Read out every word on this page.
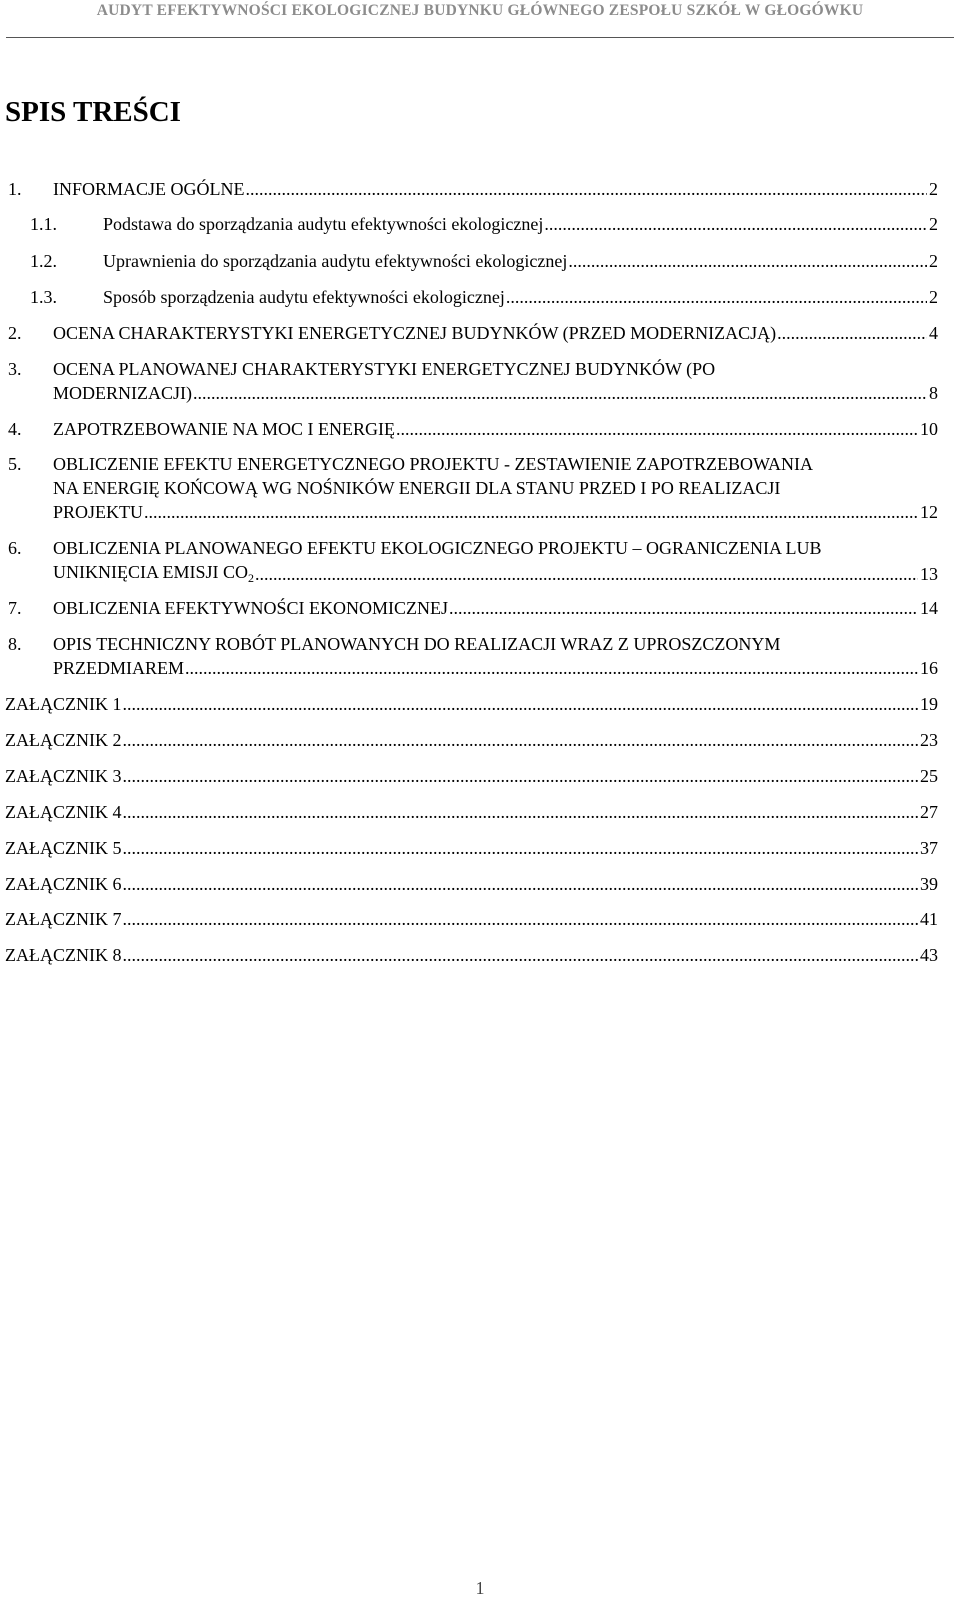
AUDYT EFEKTYWNOŚCI EKOLOGICZNEJ BUDYNKU GŁÓWNEGO ZESPOŁU SZKÓŁ W GŁOGÓWKU
SPIS TREŚCI
1. INFORMACJE OGÓLNE .....	2
1.1.	Podstawa do sporządzania audytu efektywności ekologicznej .....	2
1.2.	Uprawnienia do sporządzania audytu efektywności ekologicznej .....	2
1.3.	Sposób sporządzenia audytu efektywności ekologicznej .....	2
2. OCENA CHARAKTERYSTYKI ENERGETYCZNEJ BUDYNKÓW (PRZED MODERNIZACJĄ) .....	4
3. OCENA PLANOWANEJ CHARAKTERYSTYKI ENERGETYCZNEJ BUDYNKÓW (PO
MODERNIZACJI) .....	8
4. ZAPOTRZEBOWANIE NA MOC I ENERGIĘ .....	10
5. OBLICZENIE EFEKTU ENERGETYCZNEGO PROJEKTU - ZESTAWIENIE ZAPOTRZEBOWANIA
NA ENERGIĘ KOŃCOWĄ WG NOŚNIKÓW ENERGII DLA STANU PRZED I PO REALIZACJI
PROJEKTU .....	12
6. OBLICZENIA PLANOWANEGO EFEKTU EKOLOGICZNEGO PROJEKTU – OGRANICZENIA LUB
UNIKNIĘCIA EMISJI $CO_2$ .....	13
7. OBLICZENIA EFEKTYWNOŚCI EKONOMICZNEJ .....	14
8. OPIS TECHNICZNY ROBÓT PLANOWANYCH DO REALIZACJI WRAZ Z UPROSZCZONYM
PRZEDMIAREM .....	16
ZAŁĄCZNIK 1 .....	19
ZAŁĄCZNIK 2 .....	23
ZAŁĄCZNIK 3 .....	25
ZAŁĄCZNIK 4 .....	27
ZAŁĄCZNIK 5 .....	37
ZAŁĄCZNIK 6 .....	39
ZAŁĄCZNIK 7 .....	41
ZAŁĄCZNIK 8 .....	43
1
